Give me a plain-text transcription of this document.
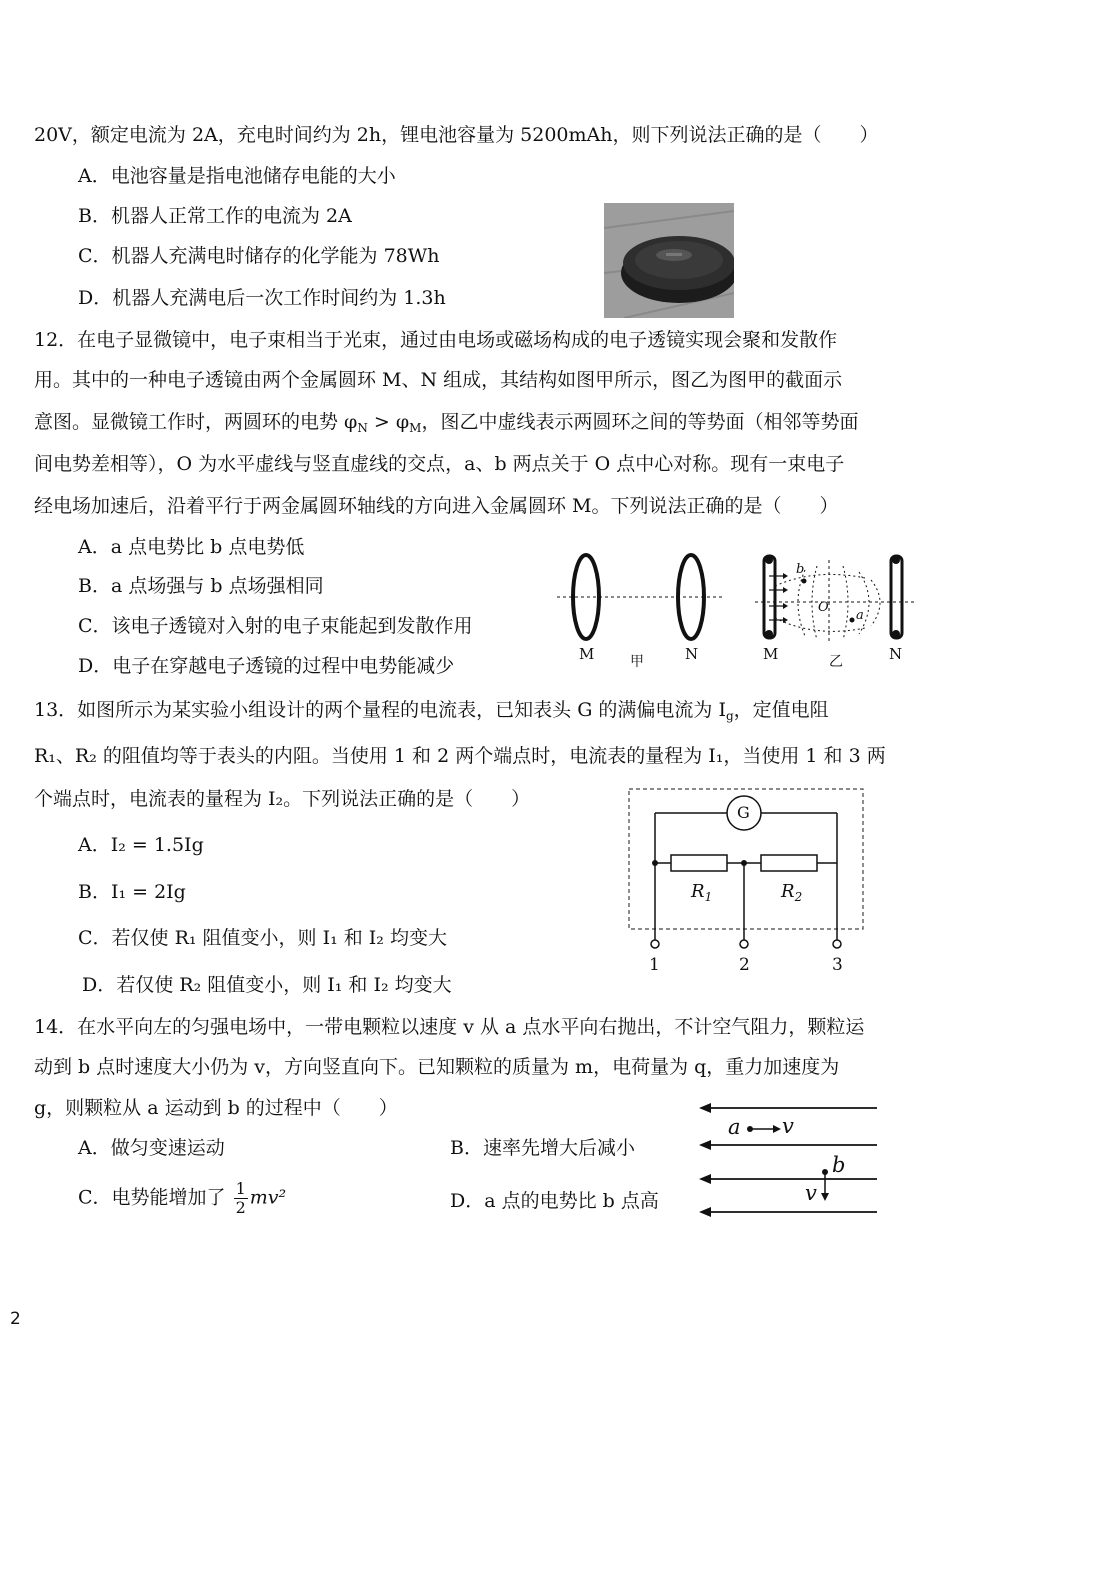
20V，额定电流为 2A，充电时间约为 2h，锂电池容量为 5200mAh，则下列说法正确的是（　　）
A．电池容量是指电池储存电能的大小
B．机器人正常工作的电流为 2A
C．机器人充满电时储存的化学能为 78Wh
D．机器人充满电后一次工作时间约为 1.3h
12．在电子显微镜中，电子束相当于光束，通过由电场或磁场构成的电子透镜实现会聚和发散作
用。其中的一种电子透镜由两个金属圆环 M、N 组成，其结构如图甲所示，图乙为图甲的截面示
意图。显微镜工作时，两圆环的电势 $\varphi_N > \varphi_M$，图乙中虚线表示两圆环之间的等势面（相邻等势面
间电势差相等），O 为水平虚线与竖直虚线的交点，a、b 两点关于 O 点中心对称。现有一束电子
经电场加速后，沿着平行于两金属圆环轴线的方向进入金属圆环 M。下列说法正确的是（　　）
A．a 点电势比 b 点电势低
B．a 点场强与 b 点场强相同
C．该电子透镜对入射的电子束能起到发散作用
D．电子在穿越电子透镜的过程中电势能减少
M	甲	N
b
O
a
M	乙	N
13．如图所示为某实验小组设计的两个量程的电流表，已知表头 G 的满偏电流为 $I_g$，定值电阻
R₁、R₂ 的阻值均等于表头的内阻。当使用 1 和 2 两个端点时，电流表的量程为 I₁，当使用 1 和 3 两
个端点时，电流表的量程为 I₂。下列说法正确的是（　　）
A．I₂ = 1.5Ig
B．I₁ = 2Ig
C．若仅使 R₁ 阻值变小，则 I₁ 和 I₂ 均变大
D．若仅使 R₂ 阻值变小，则 I₁ 和 I₂ 均变大
G
$R_1$	$R_2$
1	2	3
14．在水平向左的匀强电场中，一带电颗粒以速度 v 从 a 点水平向右抛出，不计空气阻力，颗粒运
动到 b 点时速度大小仍为 v，方向竖直向下。已知颗粒的质量为 m，电荷量为 q，重力加速度为
g，则颗粒从 a 运动到 b 的过程中（　　）
A．做匀变速运动	B．速率先增大后减小
C．电势能增加了 $\frac{1}{2} mv^2$	D．a 点的电势比 b 点高
a v
b
v
2
